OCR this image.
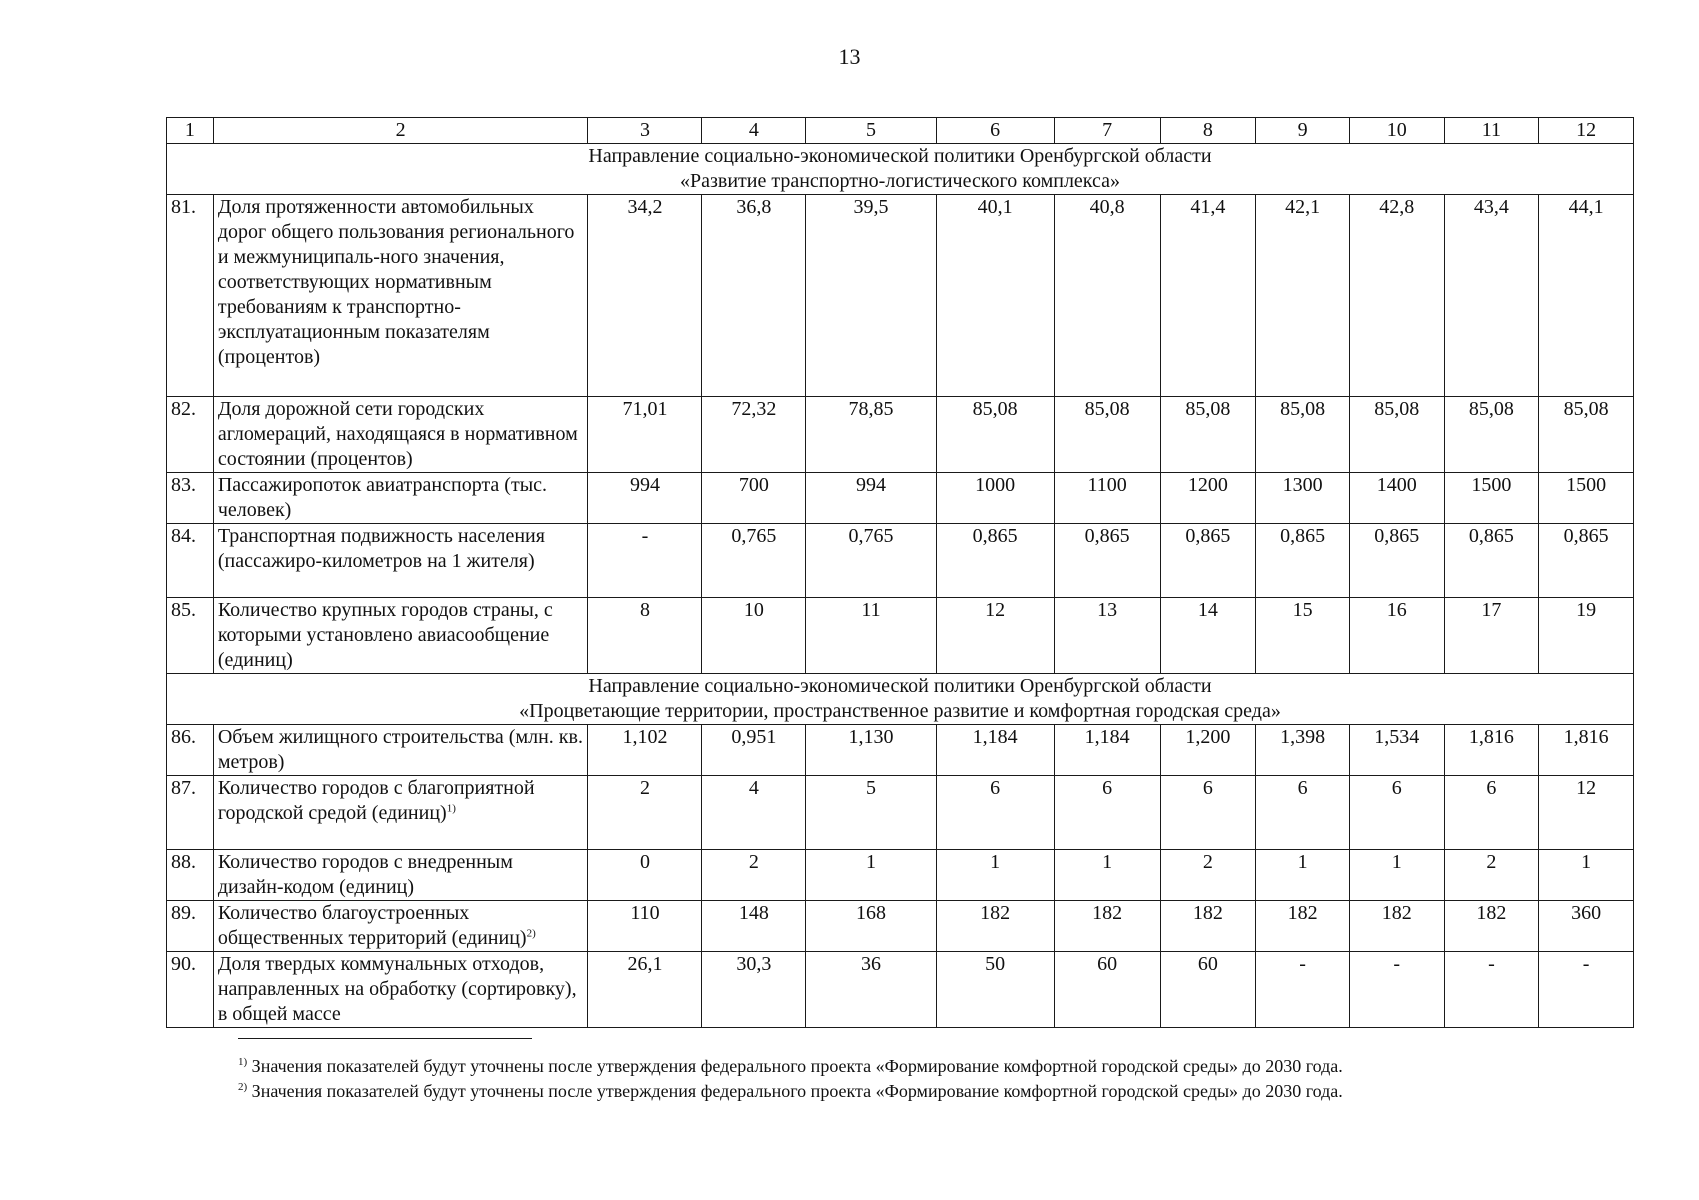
13
1	2	3	4	5	6	7	8	9	10	11	12

Направление социально-экономической политики Оренбургской области
«Развитие транспортно-логистического комплекса»											

81.	Доля протяженности автомобильных дорог общего пользования регионального и межмуниципаль-ного значения, соответствующих нормативным требованиям к транспортно-эксплуатационным показателям (процентов)	34,2	36,8	39,5	40,1	40,8	41,4	42,1	42,8	43,4	44,1
82.	Доля дорожной сети городских агломераций, находящаяся в нормативном состоянии (процентов)	71,01	72,32	78,85	85,08	85,08	85,08	85,08	85,08	85,08	85,08
83.	Пассажиропоток авиатранспорта (тыс. человек)	994	700	994	1000	1100	1200	1300	1400	1500	1500
84.	Транспортная подвижность населения (пассажиро-километров на 1 жителя)	-	0,765	0,765	0,865	0,865	0,865	0,865	0,865	0,865	0,865
85.	Количество крупных городов страны, с которыми установлено авиасообщение (единиц)	8	10	11	12	13	14	15	16	17	19

Направление социально-экономической политики Оренбургской области
«Процветающие территории, пространственное развитие и комфортная городская среда»											

86.	Объем жилищного строительства (млн. кв. метров)	1,102	0,951	1,130	1,184	1,184	1,200	1,398	1,534	1,816	1,816
87.	Количество городов с благоприятной городской средой (единиц)$^{1)}$	2	4	5	6	6	6	6	6	6	12
88.	Количество городов с внедренным дизайн-кодом (единиц)	0	2	1	1	1	2	1	1	2	1
89.	Количество благоустроенных общественных территорий (единиц)$^{2)}$	110	148	168	182	182	182	182	182	182	360
90.	Доля твердых коммунальных отходов, направленных на обработку (сортировку), в общей массе	26,1	30,3	36	50	60	60	-	-	-	-
$^{1)}$ Значения показателей будут уточнены после утверждения федерального проекта «Формирование комфортной городской среды» до 2030 года.
$^{2)}$ Значения показателей будут уточнены после утверждения федерального проекта «Формирование комфортной городской среды» до 2030 года.
